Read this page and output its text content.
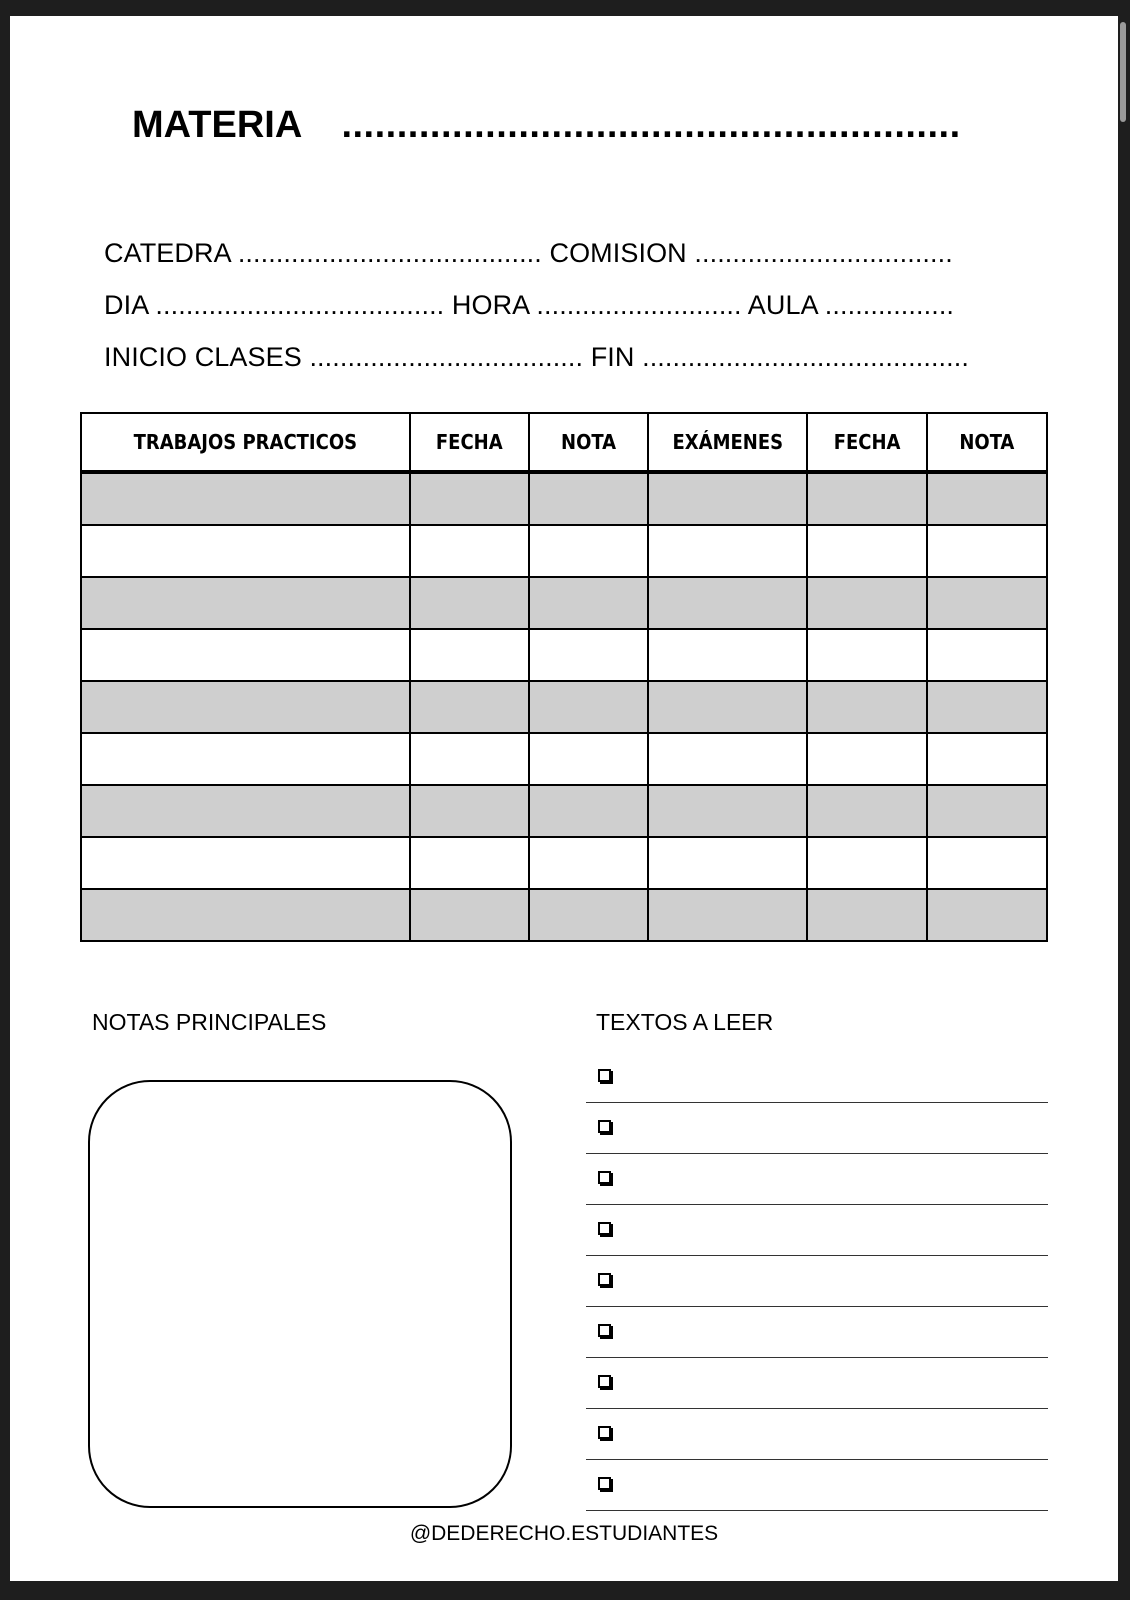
MATERIA ........................................................
CATEDRA ........................................ COMISION ..................................
DIA ...................................... HORA ........................... AULA .................
INICIO CLASES .................................... FIN ...........................................
TRABAJOS PRACTICOS	FECHA	NOTA	EXÁMENES	FECHA	NOTA

NOTAS PRINCIPALES	TEXTOS A LEER
@DEDERECHO.ESTUDIANTES
